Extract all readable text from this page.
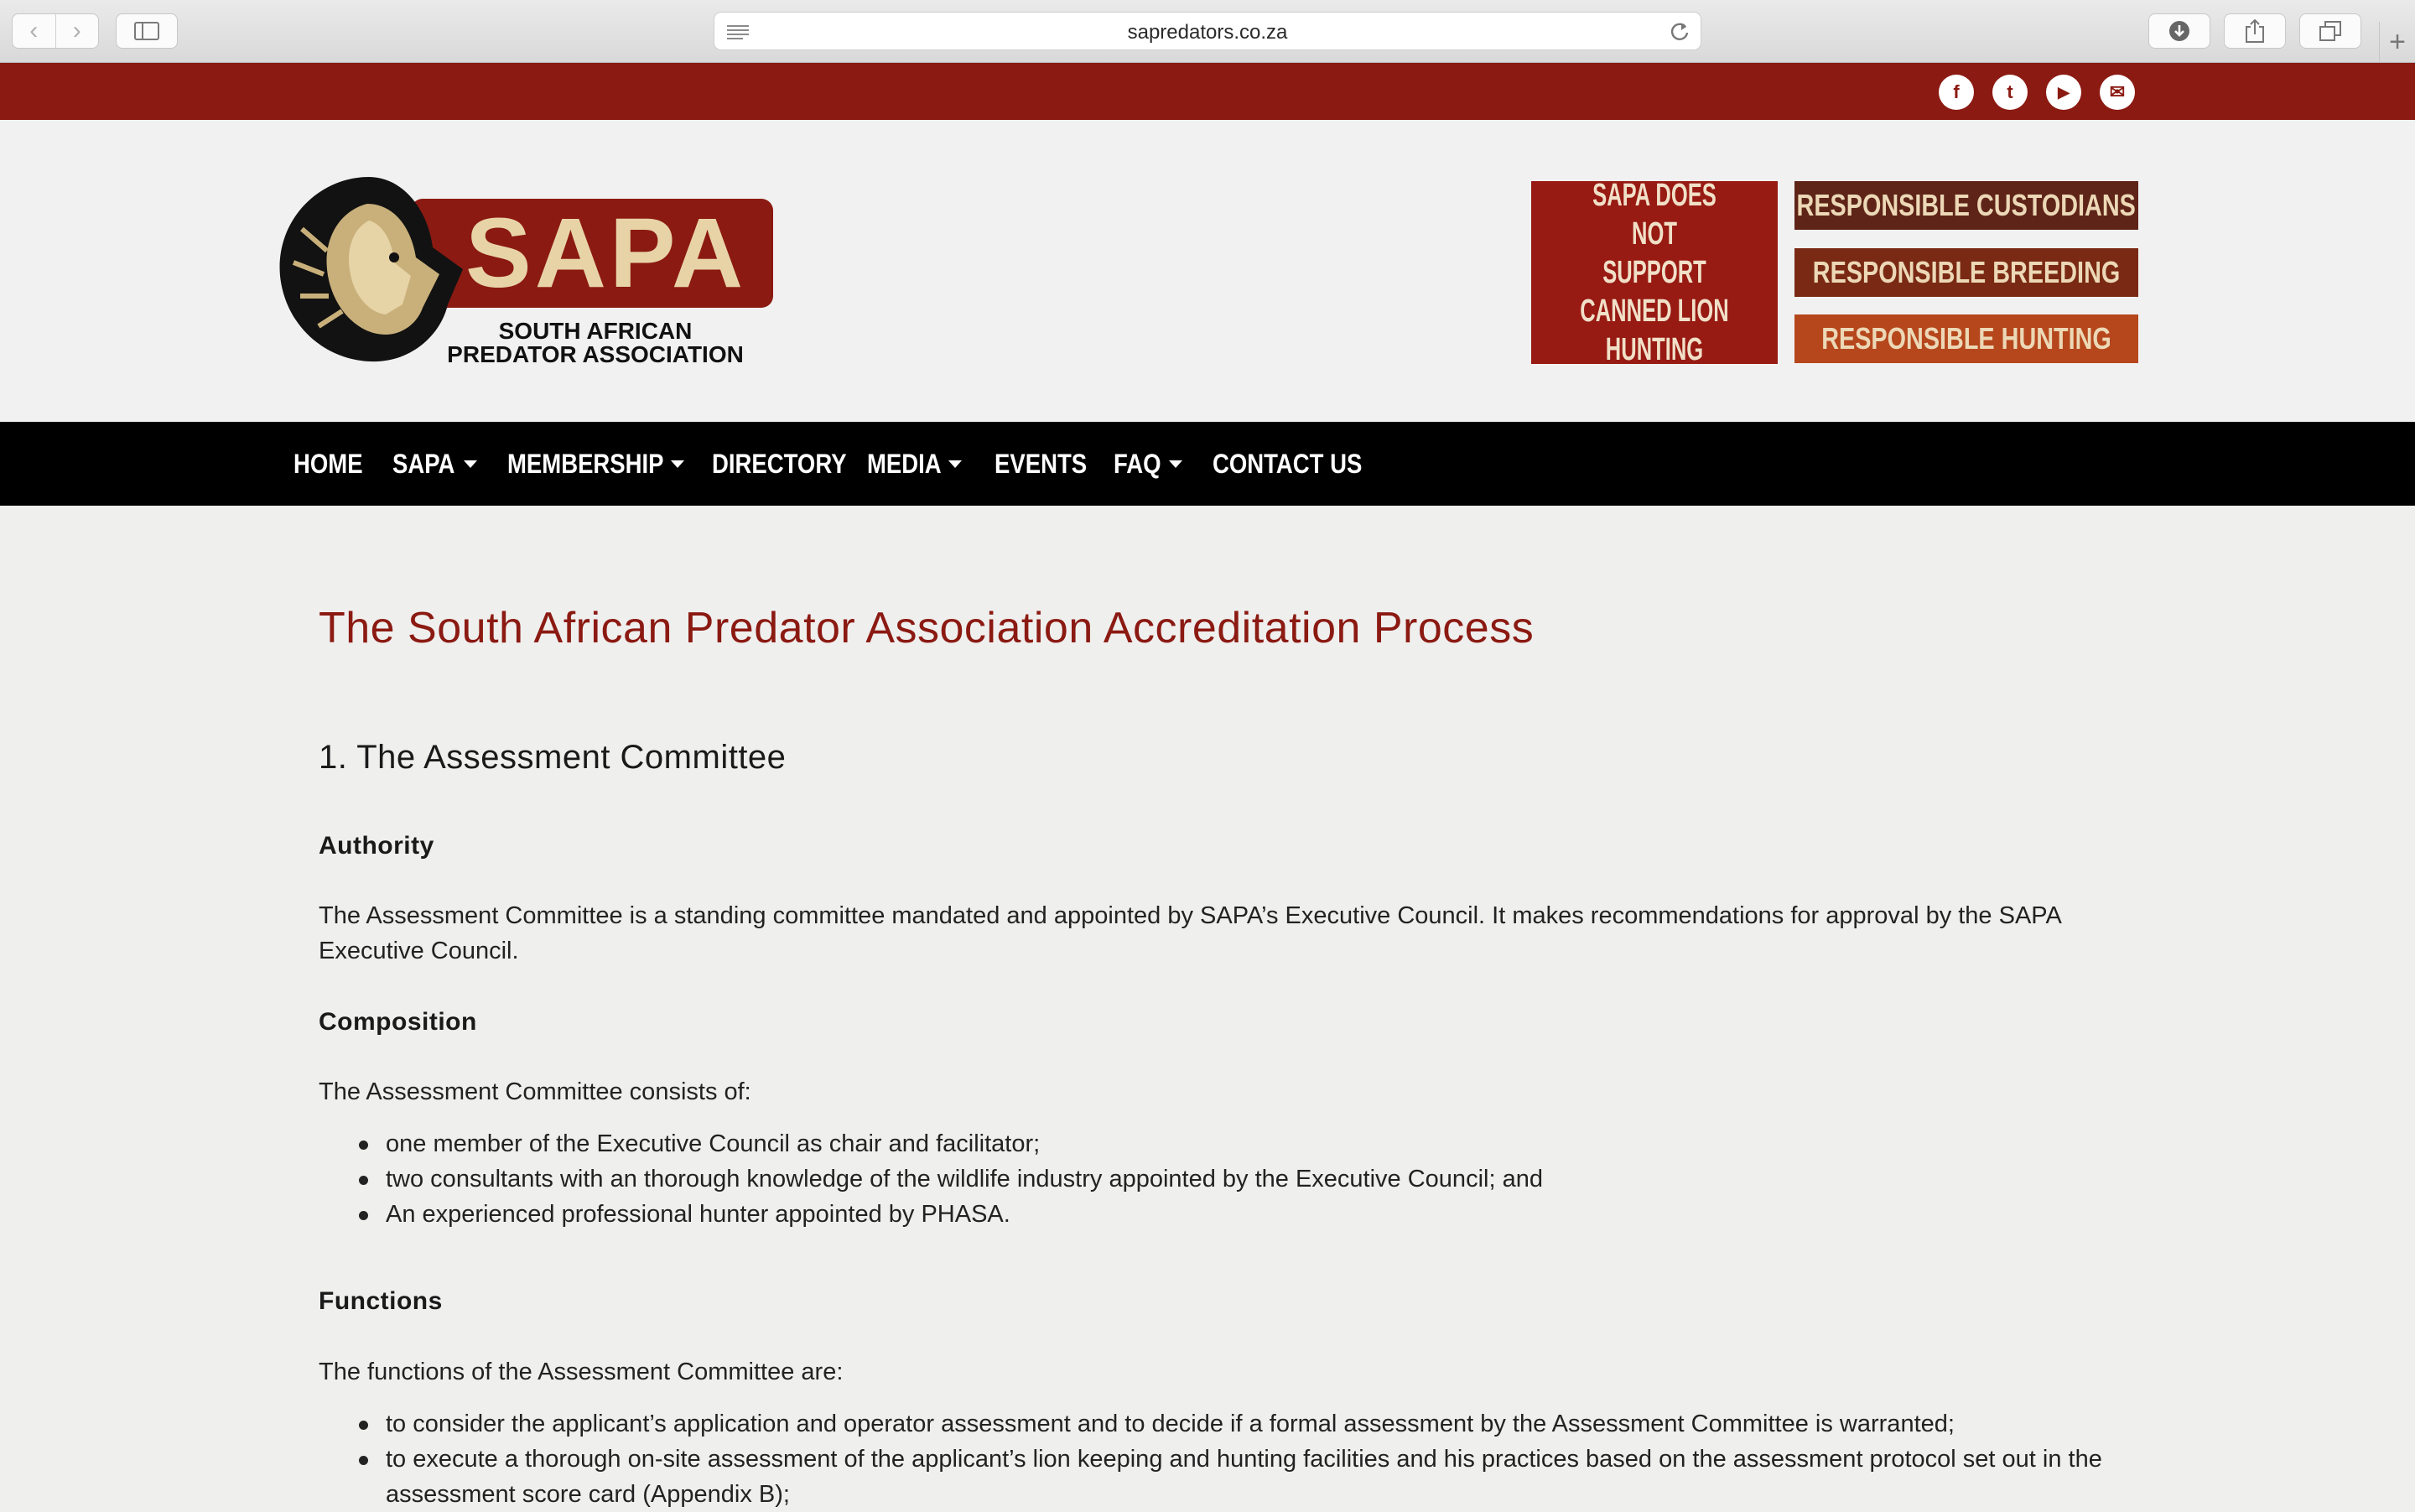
‹	›	sapredators.co.za	+
f	t	▶	✉
SAPA
SOUTH AFRICAN
PREDATOR ASSOCIATION
SAPA DOES NOT
SUPPORT
CANNED LION
HUNTING
RESPONSIBLE CUSTODIANS
RESPONSIBLE BREEDING
RESPONSIBLE HUNTING
HOME SAPA MEMBERSHIP DIRECTORY MEDIA EVENTS FAQ CONTACT US
The South African Predator Association Accreditation Process
1. The Assessment Committee
Authority

The Assessment Committee is a standing committee mandated and appointed by SAPA’s Executive Council. It makes recommendations for approval by the SAPA Executive Council.

Composition

The Assessment Committee consists of:

one member of the Executive Council as chair and facilitator;
two consultants with an thorough knowledge of the wildlife industry appointed by the Executive Council; and
An experienced professional hunter appointed by PHASA.
Functions

The functions of the Assessment Committee are:

to consider the applicant’s application and operator assessment and to decide if a formal assessment by the Assessment Committee is warranted;
to execute a thorough on-site assessment of the applicant’s lion keeping and hunting facilities and his practices based on the assessment protocol set out in the assessment score card (Appendix B);
